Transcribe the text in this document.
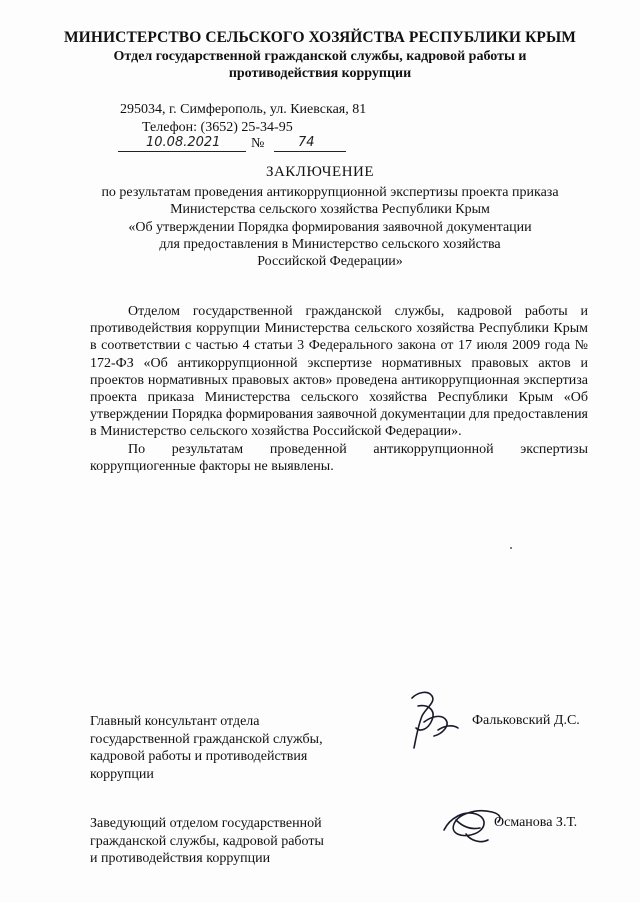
МИНИСТЕРСТВО СЕЛЬСКОГО ХОЗЯЙСТВА РЕСПУБЛИКИ КРЫМ
Отдел государственной гражданской службы, кадровой работы и
противодействия коррупции
295034, г. Симферополь, ул. Киевская, 81
Телефон: (3652) 25-34-95
10.08.2021 №	74
ЗАКЛЮЧЕНИЕ
по результатам проведения антикоррупционной экспертизы проекта приказа
Министерства сельского хозяйства Республики Крым
«Об утверждении Порядка формирования заявочной документации
для предоставления в Министерство сельского хозяйства
Российской Федерации»

Отделом государственной гражданской службы, кадровой работы и противодействия коррупции Министерства сельского хозяйства Республики Крым в соответствии с частью 4 статьи 3 Федерального закона от 17 июля 2009 года № 172-ФЗ «Об антикоррупционной экспертизе нормативных правовых актов и проектов нормативных правовых актов» проведена антикоррупционная экспертиза проекта приказа Министерства сельского хозяйства Республики Крым «Об утверждении Порядка формирования заявочной документации для предоставления в Министерство сельского хозяйства Российской Федерации».

По результатам проведенной антикоррупционной экспертизы коррупциогенные факторы не выявлены.

Главный консультант отдела
государственной гражданской службы,
кадровой работы и противодействия
коррупции
Фальковский Д.С.
Заведующий отделом государственной
гражданской службы, кадровой работы
и противодействия коррупции
Османова З.Т.
